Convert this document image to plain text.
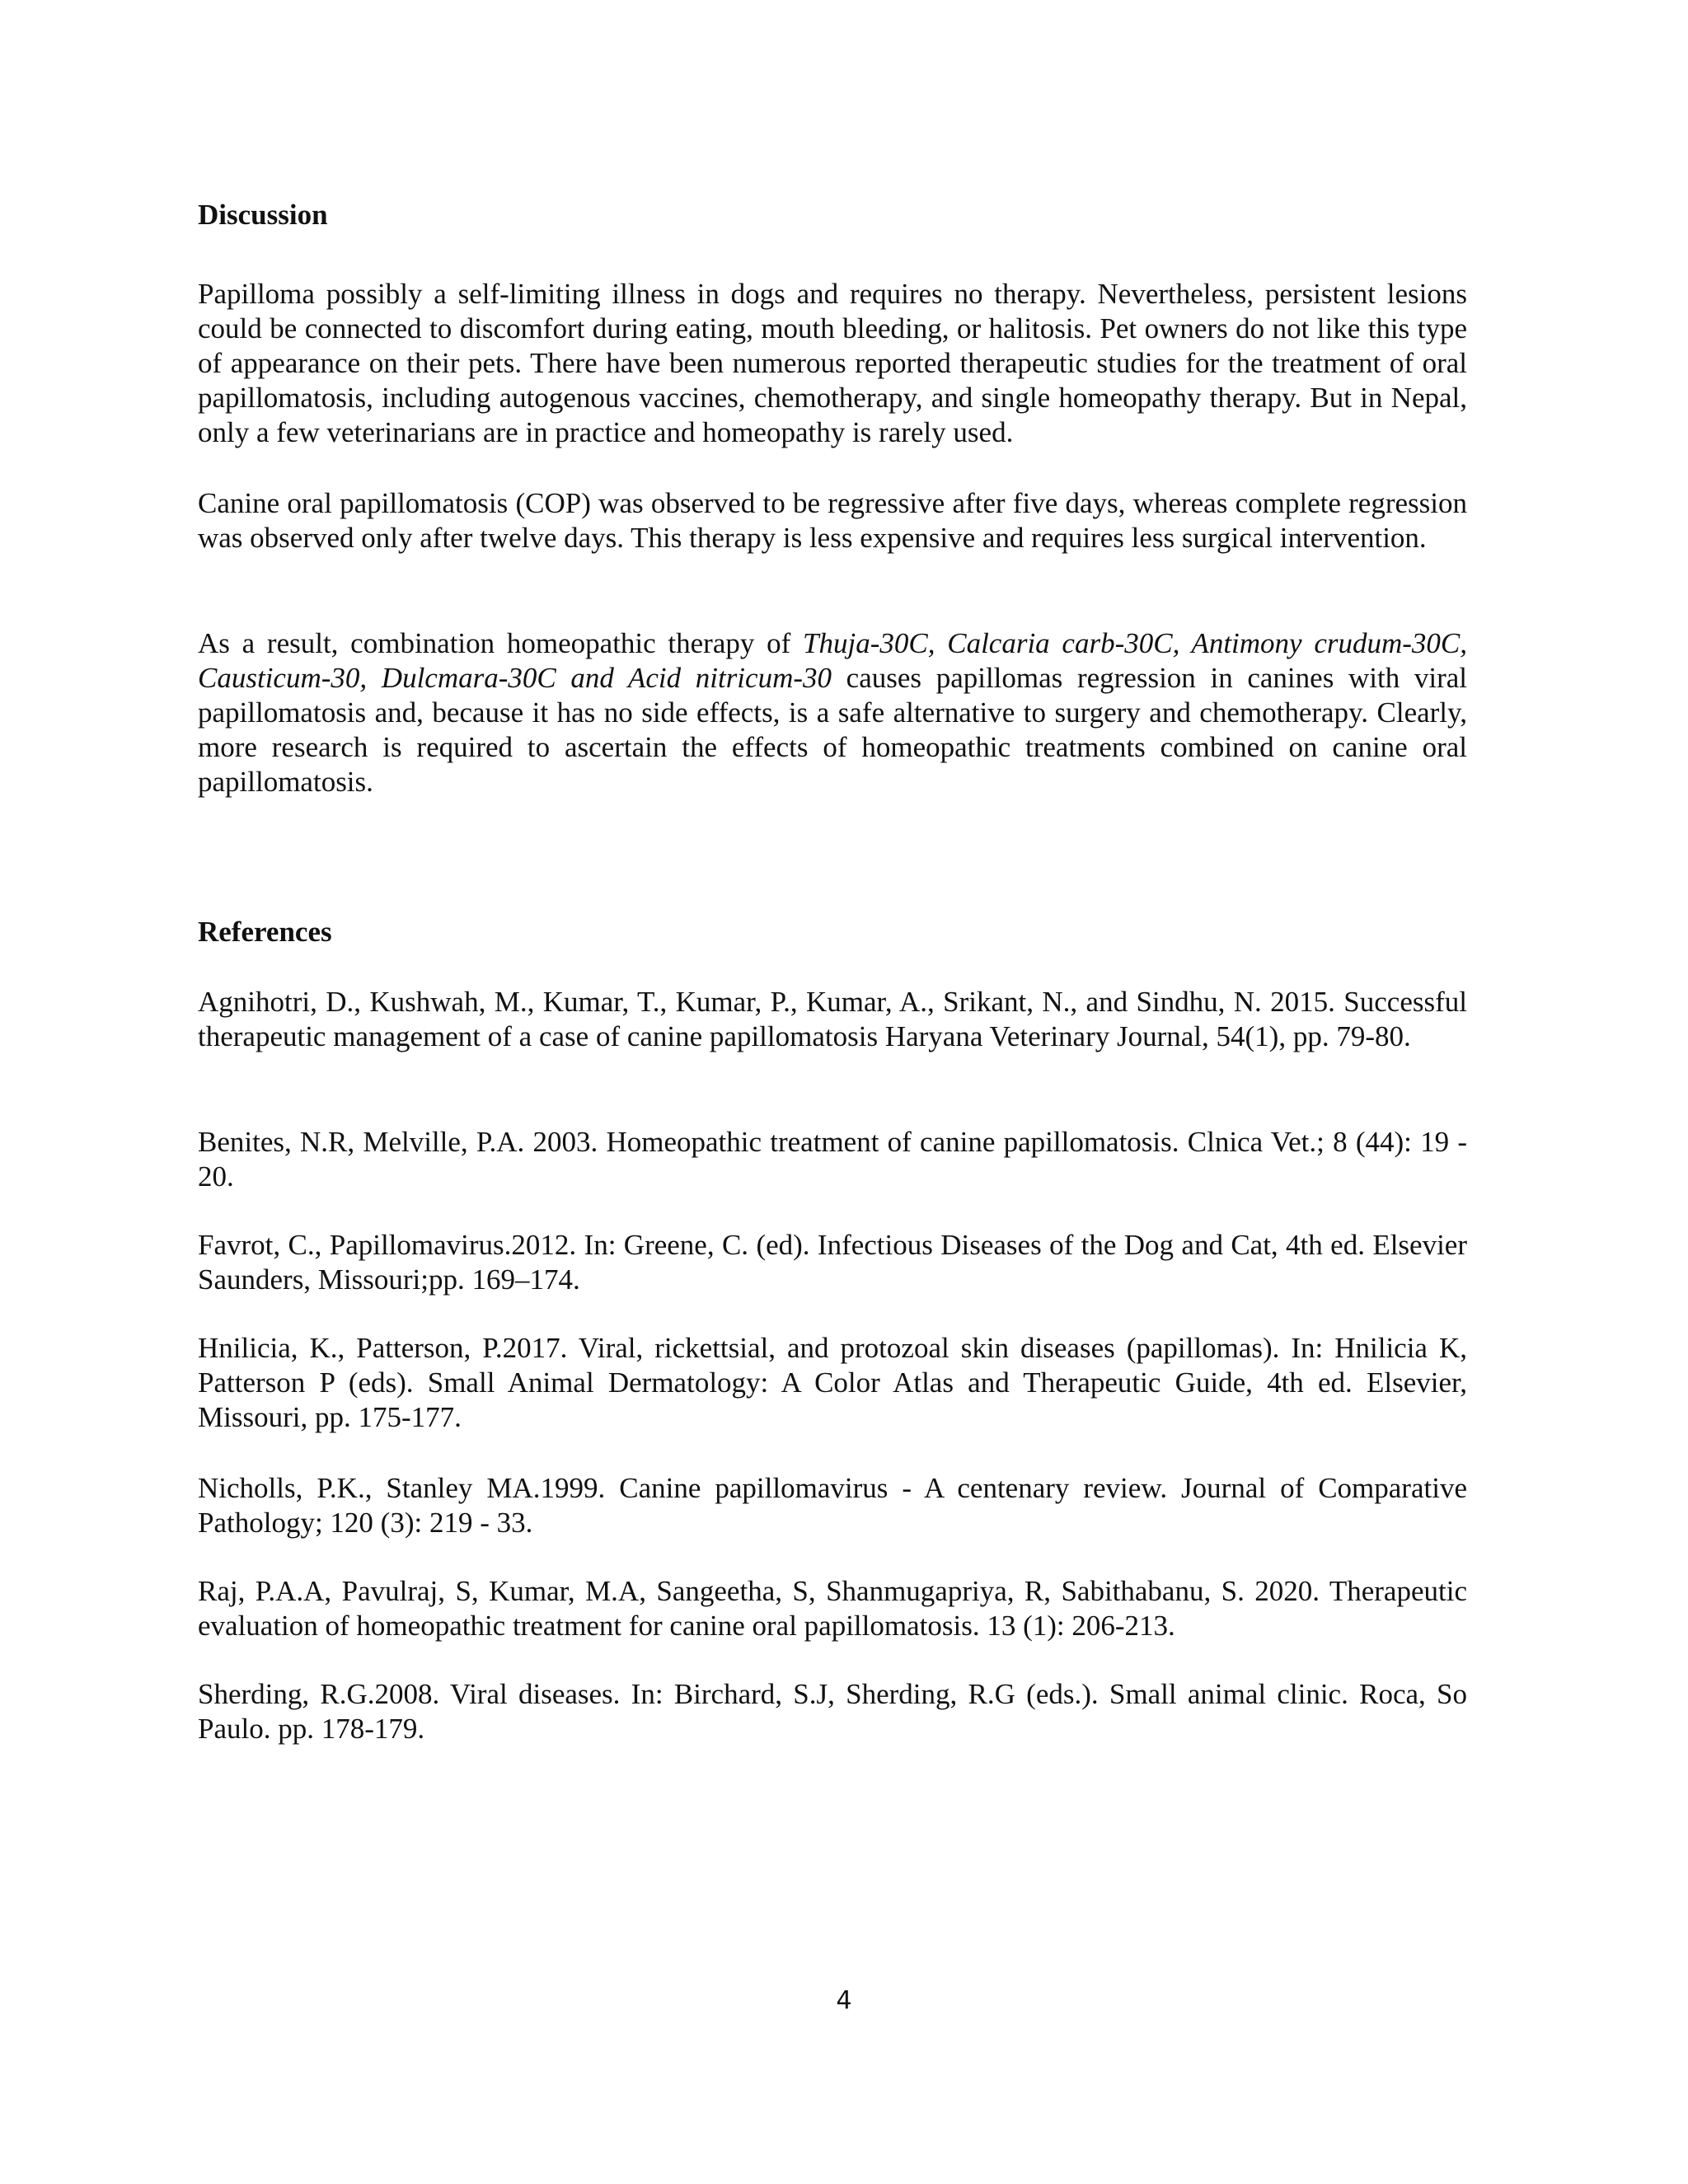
Discussion

Papilloma possibly a self-limiting illness in dogs and requires no therapy. Nevertheless, persistent lesions could be connected to discomfort during eating, mouth bleeding, or halitosis. Pet owners do not like this type of appearance on their pets. There have been numerous reported therapeutic studies for the treatment of oral papillomatosis, including autogenous vaccines, chemotherapy, and single homeopathy therapy. But in Nepal, only a few veterinarians are in practice and homeopathy is rarely used.

Canine oral papillomatosis (COP) was observed to be regressive after five days, whereas complete regression was observed only after twelve days. This therapy is less expensive and requires less surgical intervention.

As a result, combination homeopathic therapy of Thuja-30C, Calcaria carb-30C, Antimony crudum-30C, Causticum-30, Dulcmara-30C and Acid nitricum-30 causes papillomas regression in canines with viral papillomatosis and, because it has no side effects, is a safe alternative to surgery and chemotherapy. Clearly, more research is required to ascertain the effects of homeopathic treatments combined on canine oral papillomatosis.

References

Agnihotri, D., Kushwah, M., Kumar, T., Kumar, P., Kumar, A., Srikant, N., and Sindhu, N. 2015. Successful therapeutic management of a case of canine papillomatosis Haryana Veterinary Journal, 54(1), pp. 79-80.

Benites, N.R, Melville, P.A. 2003. Homeopathic treatment of canine papillomatosis. Clnica Vet.; 8 (44): 19 - 20.

Favrot, C., Papillomavirus.2012. In: Greene, C. (ed). Infectious Diseases of the Dog and Cat, 4th ed. Elsevier Saunders, Missouri;pp. 169–174.

Hnilicia, K., Patterson, P.2017. Viral, rickettsial, and protozoal skin diseases (papillomas). In: Hnilicia K, Patterson P (eds). Small Animal Dermatology: A Color Atlas and Therapeutic Guide, 4th ed. Elsevier, Missouri, pp. 175-177.

Nicholls, P.K., Stanley MA.1999. Canine papillomavirus - A centenary review. Journal of Comparative Pathology; 120 (3): 219 - 33.

Raj, P.A.A, Pavulraj, S, Kumar, M.A, Sangeetha, S, Shanmugapriya, R, Sabithabanu, S. 2020. Therapeutic evaluation of homeopathic treatment for canine oral papillomatosis. 13 (1): 206-213.

Sherding, R.G.2008. Viral diseases. In: Birchard, S.J, Sherding, R.G (eds.). Small animal clinic. Roca, So Paulo. pp. 178-179.

4
